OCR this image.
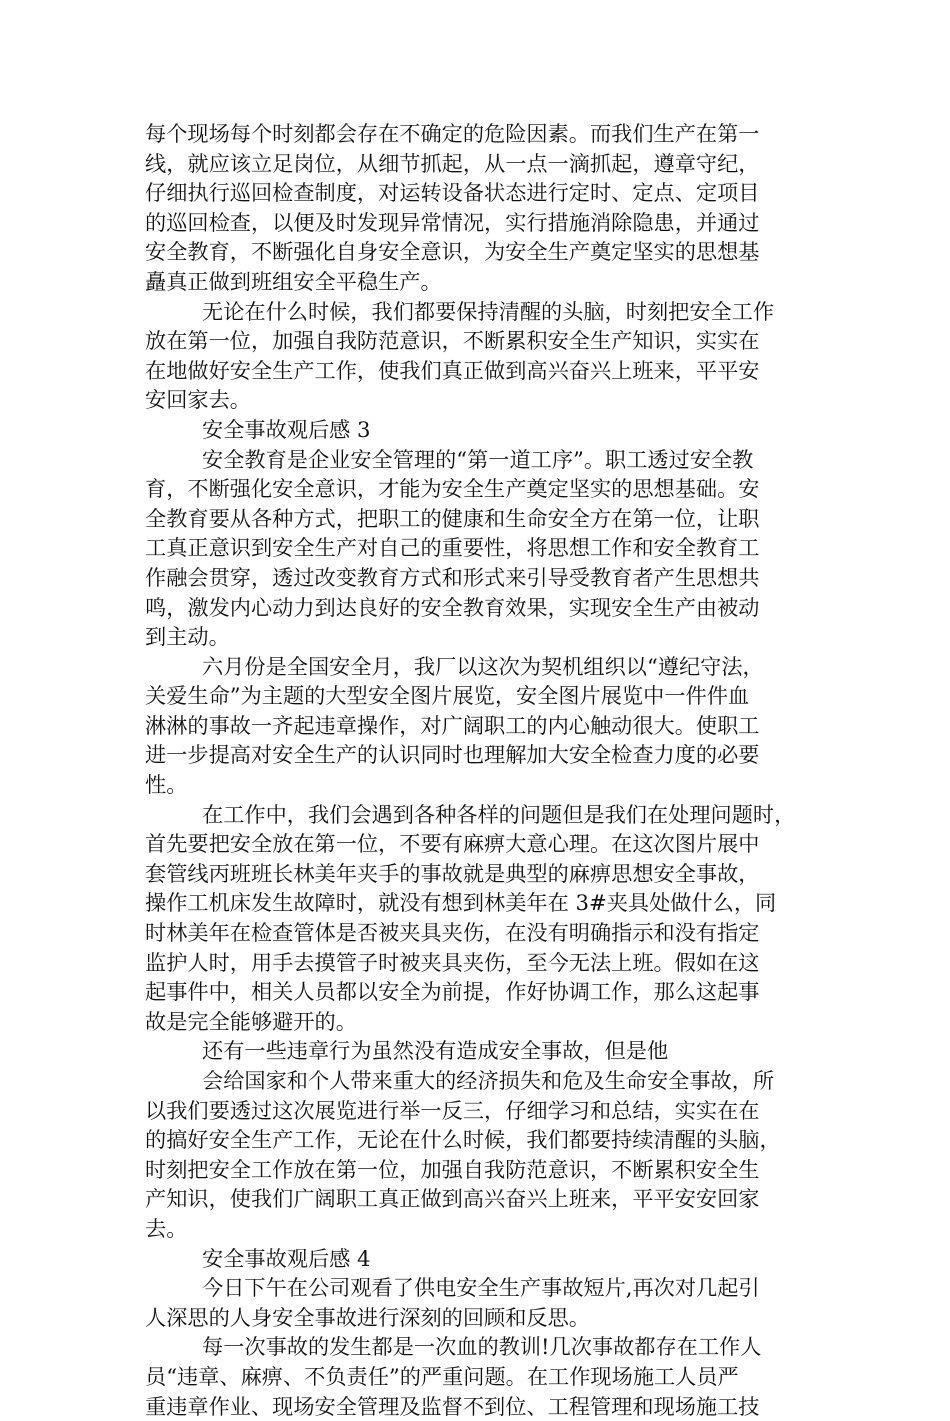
每个现场每个时刻都会存在不确定的危险因素。而我们生产在第一
线，就应该立足岗位，从细节抓起，从一点一滴抓起，遵章守纪，
仔细执行巡回检查制度，对运转设备状态进行定时、定点、定项目
的巡回检查，以便及时发现异常情况，实行措施消除隐患，并通过
安全教育，不断强化自身安全意识，为安全生产奠定坚实的思想基
矗真正做到班组安全平稳生产。

无论在什么时候，我们都要保持清醒的头脑，时刻把安全工作
放在第一位，加强自我防范意识，不断累积安全生产知识，实实在
在地做好安全生产工作，使我们真正做到高兴奋兴上班来，平平安
安回家去。

安全事故观后感 3

安全教育是企业安全管理的“第一道工序”。职工透过安全教
育，不断强化安全意识，才能为安全生产奠定坚实的思想基础。安
全教育要从各种方式，把职工的健康和生命安全方在第一位，让职
工真正意识到安全生产对自己的重要性，将思想工作和安全教育工
作融会贯穿，透过改变教育方式和形式来引导受教育者产生思想共
鸣，激发内心动力到达良好的安全教育效果，实现安全生产由被动
到主动。

六月份是全国安全月，我厂以这次为契机组织以“遵纪守法，
关爱生命”为主题的大型安全图片展览，安全图片展览中一件件血
淋淋的事故一齐起违章操作，对广阔职工的内心触动很大。使职工
进一步提高对安全生产的认识同时也理解加大安全检查力度的必要
性。

在工作中，我们会遇到各种各样的问题但是我们在处理问题时，
首先要把安全放在第一位，不要有麻痹大意心理。在这次图片展中
套管线丙班班长林美年夹手的事故就是典型的麻痹思想安全事故，
操作工机床发生故障时，就没有想到林美年在 3#夹具处做什么，同
时林美年在检查管体是否被夹具夹伤，在没有明确指示和没有指定
监护人时，用手去摸管子时被夹具夹伤，至今无法上班。假如在这
起事件中，相关人员都以安全为前提，作好协调工作，那么这起事
故是完全能够避开的。

还有一些违章行为虽然没有造成安全事故，但是他

会给国家和个人带来重大的经济损失和危及生命安全事故，所
以我们要透过这次展览进行举一反三，仔细学习和总结，实实在在
的搞好安全生产工作，无论在什么时候，我们都要持续清醒的头脑，
时刻把安全工作放在第一位，加强自我防范意识，不断累积安全生
产知识，使我们广阔职工真正做到高兴奋兴上班来，平平安安回家
去。

安全事故观后感 4

今日下午在公司观看了供电安全生产事故短片,再次对几起引
人深思的人身安全事故进行深刻的回顾和反思。

每一次事故的发生都是一次血的教训!几次事故都存在工作人
员“违章、麻痹、不负责任”的严重问题。在工作现场施工人员严
重违章作业、现场安全管理及监督不到位、工程管理和现场施工技
